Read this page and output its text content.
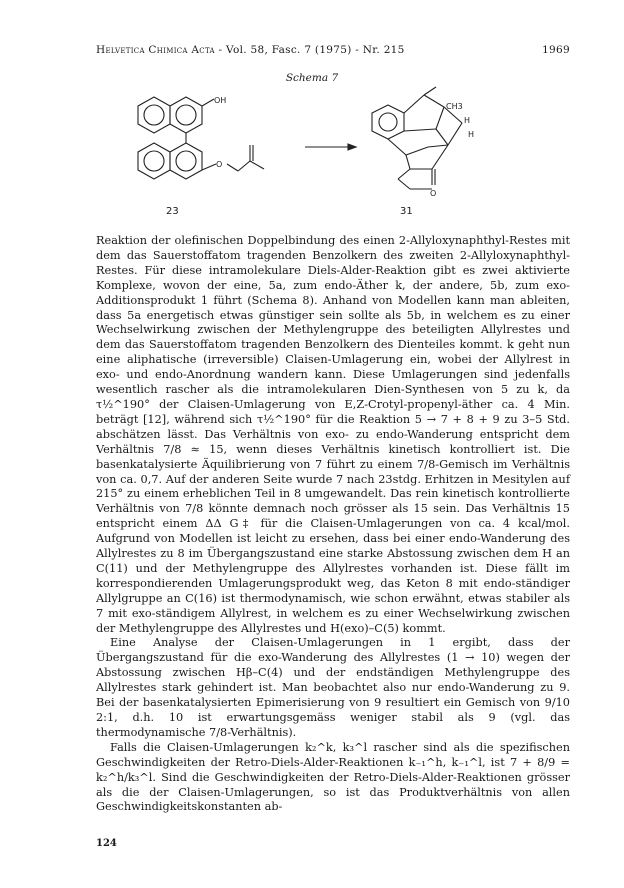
Helvetica Chimica Acta - Vol. 58, Fasc. 7 (1975) - Nr. 215	1969
Schema 7
OH
O
CH3
H
H
O
23	31

Reaktion der olefinischen Doppelbindung des einen 2-Allyloxynaphthyl-Restes mit dem das Sauerstoffatom tragenden Benzolkern des zweiten 2-Allyloxynaphthyl-Restes. Für diese intramolekulare Diels-Alder-Reaktion gibt es zwei aktivierte Komplexe, wovon der eine, 5a, zum endo-Äther k, der andere, 5b, zum exo-Additionsprodukt 1 führt (Schema 8). Anhand von Modellen kann man ableiten, dass 5a energetisch etwas günstiger sein sollte als 5b, in welchem es zu einer Wechselwirkung zwischen der Methylengruppe des beteiligten Allylrestes und dem das Sauerstoffatom tragenden Benzolkern des Dienteiles kommt. k geht nun eine aliphatische (irreversible) Claisen-Umlagerung ein, wobei der Allylrest in exo- und endo-Anordnung wandern kann. Diese Umlagerungen sind jedenfalls wesentlich rascher als die intramolekularen Dien-Synthesen von 5 zu k, da τ½^190° der Claisen-Umlagerung von E,Z-Crotyl-propenyl-äther ca. 4 Min. beträgt [12], während sich τ½^190° für die Reaktion 5 → 7 + 8 + 9 zu 3–5 Std. abschätzen lässt. Das Verhältnis von exo- zu endo-Wanderung entspricht dem Verhältnis 7/8 ≈ 15, wenn dieses Verhältnis kinetisch kontrolliert ist. Die basenkatalysierte Äquilibrierung von 7 führt zu einem 7/8-Gemisch im Verhältnis von ca. 0,7. Auf der anderen Seite wurde 7 nach 23stdg. Erhitzen in Mesitylen auf 215° zu einem erheblichen Teil in 8 umgewandelt. Das rein kinetisch kontrollierte Verhältnis von 7/8 könnte demnach noch grösser als 15 sein. Das Verhältnis 15 entspricht einem ΔΔ G‡ für die Claisen-Umlagerungen von ca. 4 kcal/mol. Aufgrund von Modellen ist leicht zu ersehen, dass bei einer endo-Wanderung des Allylrestes zu 8 im Übergangszustand eine starke Abstossung zwischen dem H an C(11) und der Methylengruppe des Allylrestes vorhanden ist. Diese fällt im korrespondierenden Umlagerungsprodukt weg, das Keton 8 mit endo-ständiger Allylgruppe an C(16) ist thermodynamisch, wie schon erwähnt, etwas stabiler als 7 mit exo-ständigem Allylrest, in welchem es zu einer Wechselwirkung zwischen der Methylengruppe des Allylrestes und H(exo)–C(5) kommt.

Eine Analyse der Claisen-Umlagerungen in 1 ergibt, dass der Übergangszustand für die exo-Wanderung des Allylrestes (1 → 10) wegen der Abstossung zwischen Hβ–C(4) und der endständigen Methylengruppe des Allylrestes stark gehindert ist. Man beobachtet also nur endo-Wanderung zu 9. Bei der basenkatalysierten Epimerisierung von 9 resultiert ein Gemisch von 9/10 2:1, d.h. 10 ist erwartungsgemäss weniger stabil als 9 (vgl. das thermodynamische 7/8-Verhältnis).

Falls die Claisen-Umlagerungen k₂^k, k₃^l rascher sind als die spezifischen Geschwindigkeiten der Retro-Diels-Alder-Reaktionen k₋₁^h, k₋₁^l, ist 7 + 8/9 = k₂^h/k₃^l. Sind die Geschwindigkeiten der Retro-Diels-Alder-Reaktionen grösser als die der Claisen-Umlagerungen, so ist das Produktverhältnis von allen Geschwindigkeitskonstanten ab-

124
